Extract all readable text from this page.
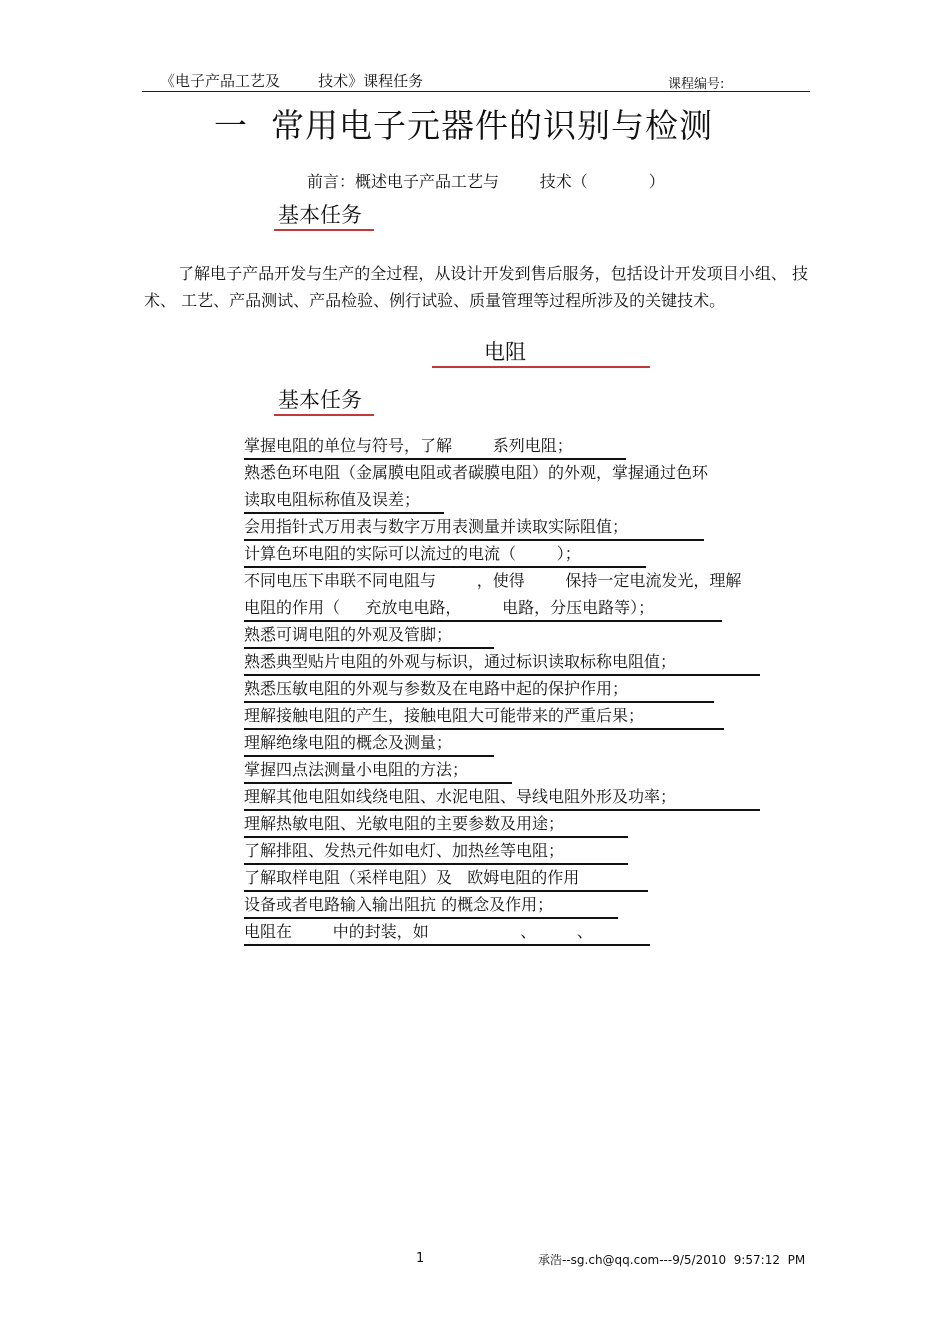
《电子产品工艺及        技术》课程任务	课程编号:
一  常用电子元器件的识别与检测
前言：概述电子产品工艺与        技术（            ）
基本任务

了解电子产品开发与生产的全过程，从设计开发到售后服务，包括设计开发项目小组、 技术、 工艺、产品测试、产品检验、例行试验、质量管理等过程所涉及的关键技术。

电阻
基本任务
掌握电阻的单位与符号，了解        系列电阻；
熟悉色环电阻（金属膜电阻或者碳膜电阻）的外观，掌握通过色环
读取电阻标称值及误差；
会用指针式万用表与数字万用表测量并读取实际阻值；
计算色环电阻的实际可以流过的电流（        ）；
不同电压下串联不同电阻与        ，使得        保持一定电流发光，理解
电阻的作用（     充放电电路，        电路，分压电路等）；
熟悉可调电阻的外观及管脚；
熟悉典型贴片电阻的外观与标识，通过标识读取标称电阻值；
熟悉压敏电阻的外观与参数及在电路中起的保护作用；
理解接触电阻的产生，接触电阻大可能带来的严重后果；
理解绝缘电阻的概念及测量；
掌握四点法测量小电阻的方法；
理解其他电阻如线绕电阻、水泥电阻、导线电阻外形及功率；
理解热敏电阻、光敏电阻的主要参数及用途；
了解排阻、发热元件如电灯、加热丝等电阻；
了解取样电阻（采样电阻）及   欧姆电阻的作用
设备或者电路输入输出阻抗 的概念及作用；
电阻在        中的封装，如                  、        、
1	承浩--sg.ch@qq.com---9/5/2010  9:57:12  PM
